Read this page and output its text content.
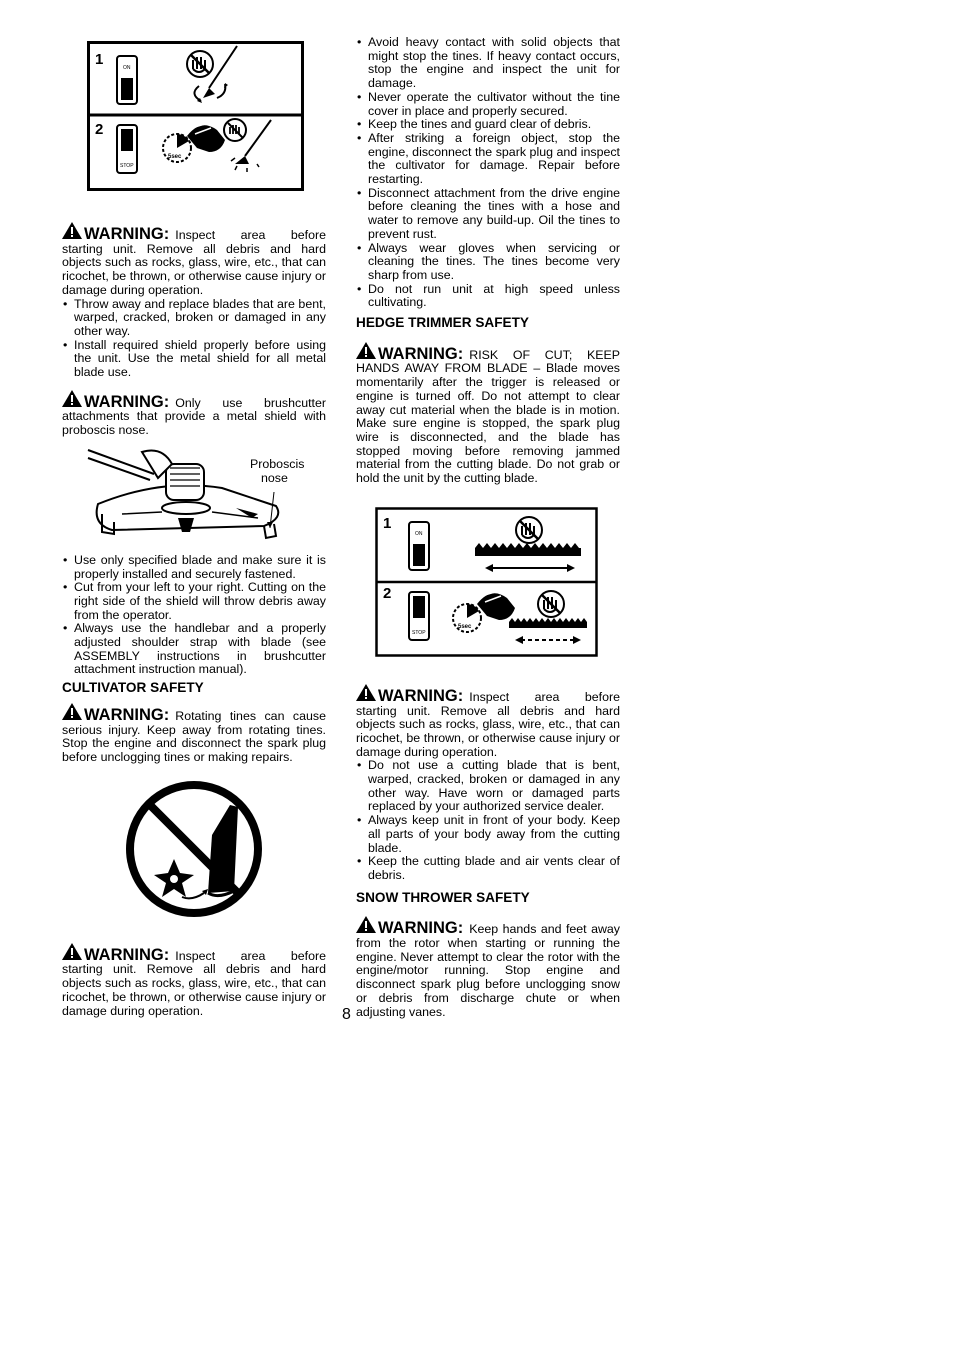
1
2
ON
STOP
5sec

WARNING: Inspect area before starting unit. Remove all debris and hard objects such as rocks, glass, wire, etc., that can ricochet, be thrown, or otherwise cause injury or damage during operation.

• Throw away and replace blades that are bent, warped, cracked, broken or damaged in any other way.
• Install required shield properly before using the unit. Use the metal shield for all metal blade use.

WARNING: Only use brushcutter attachments that provide a metal shield with proboscis nose.

Proboscis
nose
• Use only specified blade and make sure it is properly installed and securely fastened.
• Cut from your left to your right. Cutting on the right side of the shield will throw debris away from the operator.
• Always use the handlebar and a properly adjusted shoulder strap with blade (see ASSEMBLY instructions in brushcutter attachment instruction manual).

CULTIVATOR SAFETY

WARNING: Rotating tines can cause serious injury. Keep away from rotating tines. Stop the engine and disconnect the spark plug before unclogging tines or making repairs.

WARNING: Inspect area before starting unit. Remove all debris and hard objects such as rocks, glass, wire, etc., that can ricochet, be thrown, or otherwise cause injury or damage during operation.

• Avoid heavy contact with solid objects that might stop the tines. If heavy contact occurs, stop the engine and inspect the unit for damage.
• Never operate the cultivator without the tine cover in place and properly secured.
• Keep the tines and guard clear of debris.
• After striking a foreign object, stop the engine, disconnect the spark plug and inspect the cultivator for damage. Repair before restarting.
• Disconnect attachment from the drive engine before cleaning the tines with a hose and water to remove any build-up. Oil the tines to prevent rust.
• Always wear gloves when servicing or cleaning the tines. The tines become very sharp from use.
• Do not run unit at high speed unless cultivating.

HEDGE TRIMMER SAFETY

WARNING: RISK OF CUT; KEEP HANDS AWAY FROM BLADE – Blade moves momentarily after the trigger is released or engine is turned off. Do not attempt to clear away cut material when the blade is in motion. Make sure engine is stopped, the spark plug wire is disconnected, and the blade has stopped moving before removing jammed material from the cutting blade. Do not grab or hold the unit by the cutting blade.

1
2
ON
STOP
5sec

WARNING: Inspect area before starting unit. Remove all debris and hard objects such as rocks, glass, wire, etc., that can ricochet, be thrown, or otherwise cause injury or damage during operation.

• Do not use a cutting blade that is bent, warped, cracked, broken or damaged in any other way. Have worn or damaged parts replaced by your authorized service dealer.
• Always keep unit in front of your body. Keep all parts of your body away from the cutting blade.
• Keep the cutting blade and air vents clear of debris.

SNOW THROWER SAFETY

WARNING: Keep hands and feet away from the rotor when starting or running the engine. Never attempt to clear the rotor with the engine/motor running. Stop engine and disconnect spark plug before unclogging snow or debris from discharge chute or when adjusting vanes.

8
